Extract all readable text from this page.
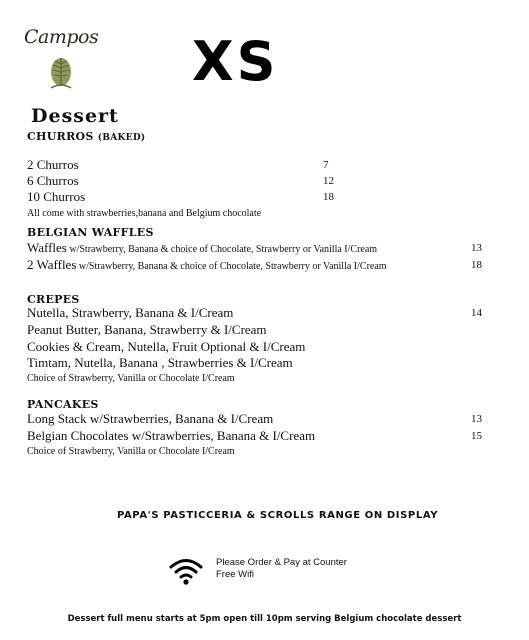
Campos XS
Dessert
CHURROS (BAKED)
2 Churros	7
6 Churros	12
10 Churros	18
All come with strawberries,banana and Belgium chocolate
BELGIAN WAFFLES
Waffles w/Strawberry, Banana & choice of Chocolate, Strawberry or Vanilla I/Cream	13
2 Waffles w/Strawberry, Banana & choice of Chocolate, Strawberry or Vanilla I/Cream	18
CREPES
Nutella, Strawberry, Banana & I/Cream	14
Peanut Butter, Banana, Strawberry & I/Cream
Cookies & Cream, Nutella, Fruit Optional & I/Cream
Timtam, Nutella, Banana , Strawberries & I/Cream
Choice of Strawberry, Vanilla or Chocolate I/Cream
PANCAKES
Long Stack w/Strawberries, Banana & I/Cream	13
Belgian Chocolates w/Strawberries, Banana & I/Cream	15
Choice of Strawberry, Vanilla or Chocolate I/Cream
PAPA'S PASTICCERIA & SCROLLS RANGE ON DISPLAY
Please Order & Pay at Counter
Free Wifi
Dessert full menu starts at 5pm open till 10pm serving Belgium chocolate dessert
